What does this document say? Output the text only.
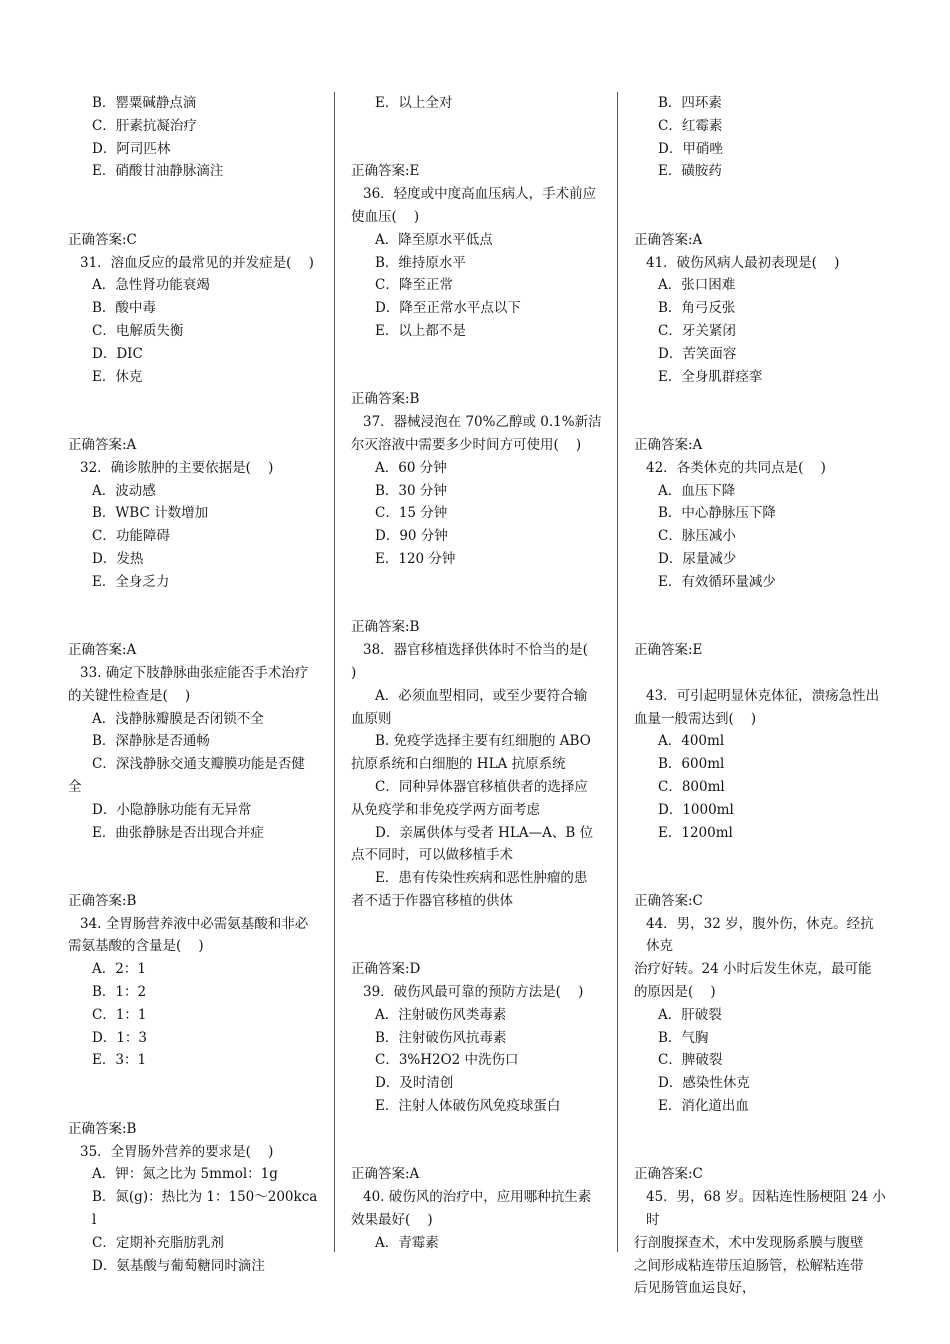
B．罂粟碱静点滴
C．肝素抗凝治疗
D．阿司匹林
E．硝酸甘油静脉滴注
正确答案:C
31．溶血反应的最常见的并发症是(    )
A．急性肾功能衰竭
B．酸中毒
C．电解质失衡
D．DIC
E．休克
正确答案:A
32．确诊脓肿的主要依据是(    )
A．波动感
B．WBC 计数增加
C．功能障碍
D．发热
E．全身乏力
正确答案:A
33. 确定下肢静脉曲张症能否手术治疗
的关键性检查是(    )
A．浅静脉瓣膜是否闭锁不全
B．深静脉是否通畅
C．深浅静脉交通支瓣膜功能是否健
全
D．小隐静脉功能有无异常
E．曲张静脉是否出现合并症
正确答案:B
34. 全胃肠营养液中必需氨基酸和非必
需氨基酸的含量是(    )
A．2：1
B．1：2
C．1：1
D．1：3
E．3：1
正确答案:B
35．全胃肠外营养的要求是(    )
A．钾：氮之比为 5mmol：1g
B．氮(g)：热比为 1：150～200kcal
C．定期补充脂肪乳剂
D．氨基酸与葡萄糖同时滴注
E．以上全对
正确答案:E
36．轻度或中度高血压病人，手术前应
使血压(    )
A．降至原水平低点
B．维持原水平
C．降至正常
D．降至正常水平点以下
E．以上都不是
正确答案:B
37．器械浸泡在 70%乙醇或 0.1%新洁
尔灭溶液中需要多少时间方可使用(    )
A．60 分钟
B．30 分钟
C．15 分钟
D．90 分钟
E．120 分钟
正确答案:B
38．器官移植选择供体时不恰当的是(
)
A．必须血型相同，或至少要符合输
血原则
B. 免疫学选择主要有红细胞的 ABO
抗原系统和白细胞的 HLA 抗原系统
C．同种异体器官移植供者的选择应
从免疫学和非免疫学两方面考虑
D．亲属供体与受者 HLA—A、B 位
点不同时，可以做移植手术
E．患有传染性疾病和恶性肿瘤的患
者不适于作器官移植的供体
正确答案:D
39．破伤风最可靠的预防方法是(    )
A．注射破伤风类毒素
B．注射破伤风抗毒素
C．3%H2O2 中洗伤口
D．及时清创
E．注射人体破伤风免疫球蛋白
正确答案:A
40. 破伤风的治疗中，应用哪种抗生素
效果最好(    )
A．青霉素
B．四环素
C．红霉素
D．甲硝唑
E．磺胺药
正确答案:A
41．破伤风病人最初表现是(    )
A．张口困难
B．角弓反张
C．牙关紧闭
D．苦笑面容
E．全身肌群痉挛
正确答案:A
42．各类休克的共同点是(    )
A．血压下降
B．中心静脉压下降
C．脉压减小
D．尿量减少
E．有效循环量减少
正确答案:E
43．可引起明显休克体征，溃疡急性出
血量一般需达到(    )
A．400ml
B．600ml
C．800ml
D．1000ml
E．1200ml
正确答案:C
44．男，32 岁，腹外伤，休克。经抗休克
治疗好转。24 小时后发生休克，最可能
的原因是(    )
A．肝破裂
B．气胸
C．脾破裂
D．感染性休克
E．消化道出血
正确答案:C
45．男，68 岁。因粘连性肠梗阻 24 小时
行剖腹探查术，术中发现肠系膜与腹壁
之间形成粘连带压迫肠管，松解粘连带
后见肠管血运良好，
